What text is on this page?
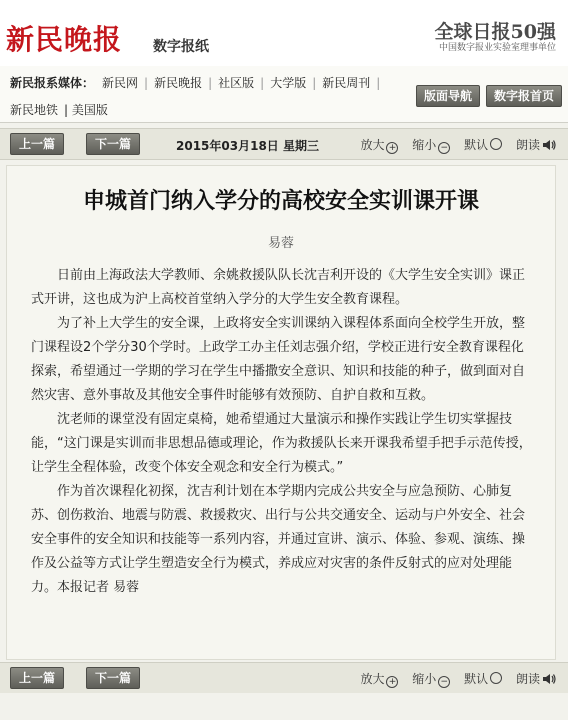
新民晚报 数字报纸
全球日报50强
中国数字报业实验室理事单位
新民报系媒体： 新民网 | 新民晚报 | 社区版 | 大学版 | 新民周刊 |
新民地铁 | 美国版
版面导航	数字报首页
上一篇	下一篇	2015年03月18日 星期三	放大 + 缩小 − 默认 朗读
申城首门纳入学分的高校安全实训课开课
易蓉

日前由上海政法大学教师、余姚救援队队长沈吉利开设的《大学生安全实训》课正式开讲，这也成为沪上高校首堂纳入学分的大学生安全教育课程。

为了补上大学生的安全课，上政将安全实训课纳入课程体系面向全校学生开放，整门课程设2个学分30个学时。上政学工办主任刘志强介绍，学校正进行安全教育课程化探索，希望通过一学期的学习在学生中播撒安全意识、知识和技能的种子，做到面对自然灾害、意外事故及其他安全事件时能够有效预防、自护自救和互救。

沈老师的课堂没有固定桌椅，她希望通过大量演示和操作实践让学生切实掌握技能，“这门课是实训而非思想品德或理论，作为救援队长来开课我希望手把手示范传授，让学生全程体验，改变个体安全观念和安全行为模式。”

作为首次课程化初探，沈吉利计划在本学期内完成公共安全与应急预防、心肺复苏、创伤救治、地震与防震、救援救灾、出行与公共交通安全、运动与户外安全、社会安全事件的安全知识和技能等一系列内容，并通过宣讲、演示、体验、参观、演练、操作及公益等方式让学生塑造安全行为模式，养成应对灾害的条件反射式的应对处理能力。本报记者 易蓉

上一篇	下一篇	放大 + 缩小 − 默认 朗读
